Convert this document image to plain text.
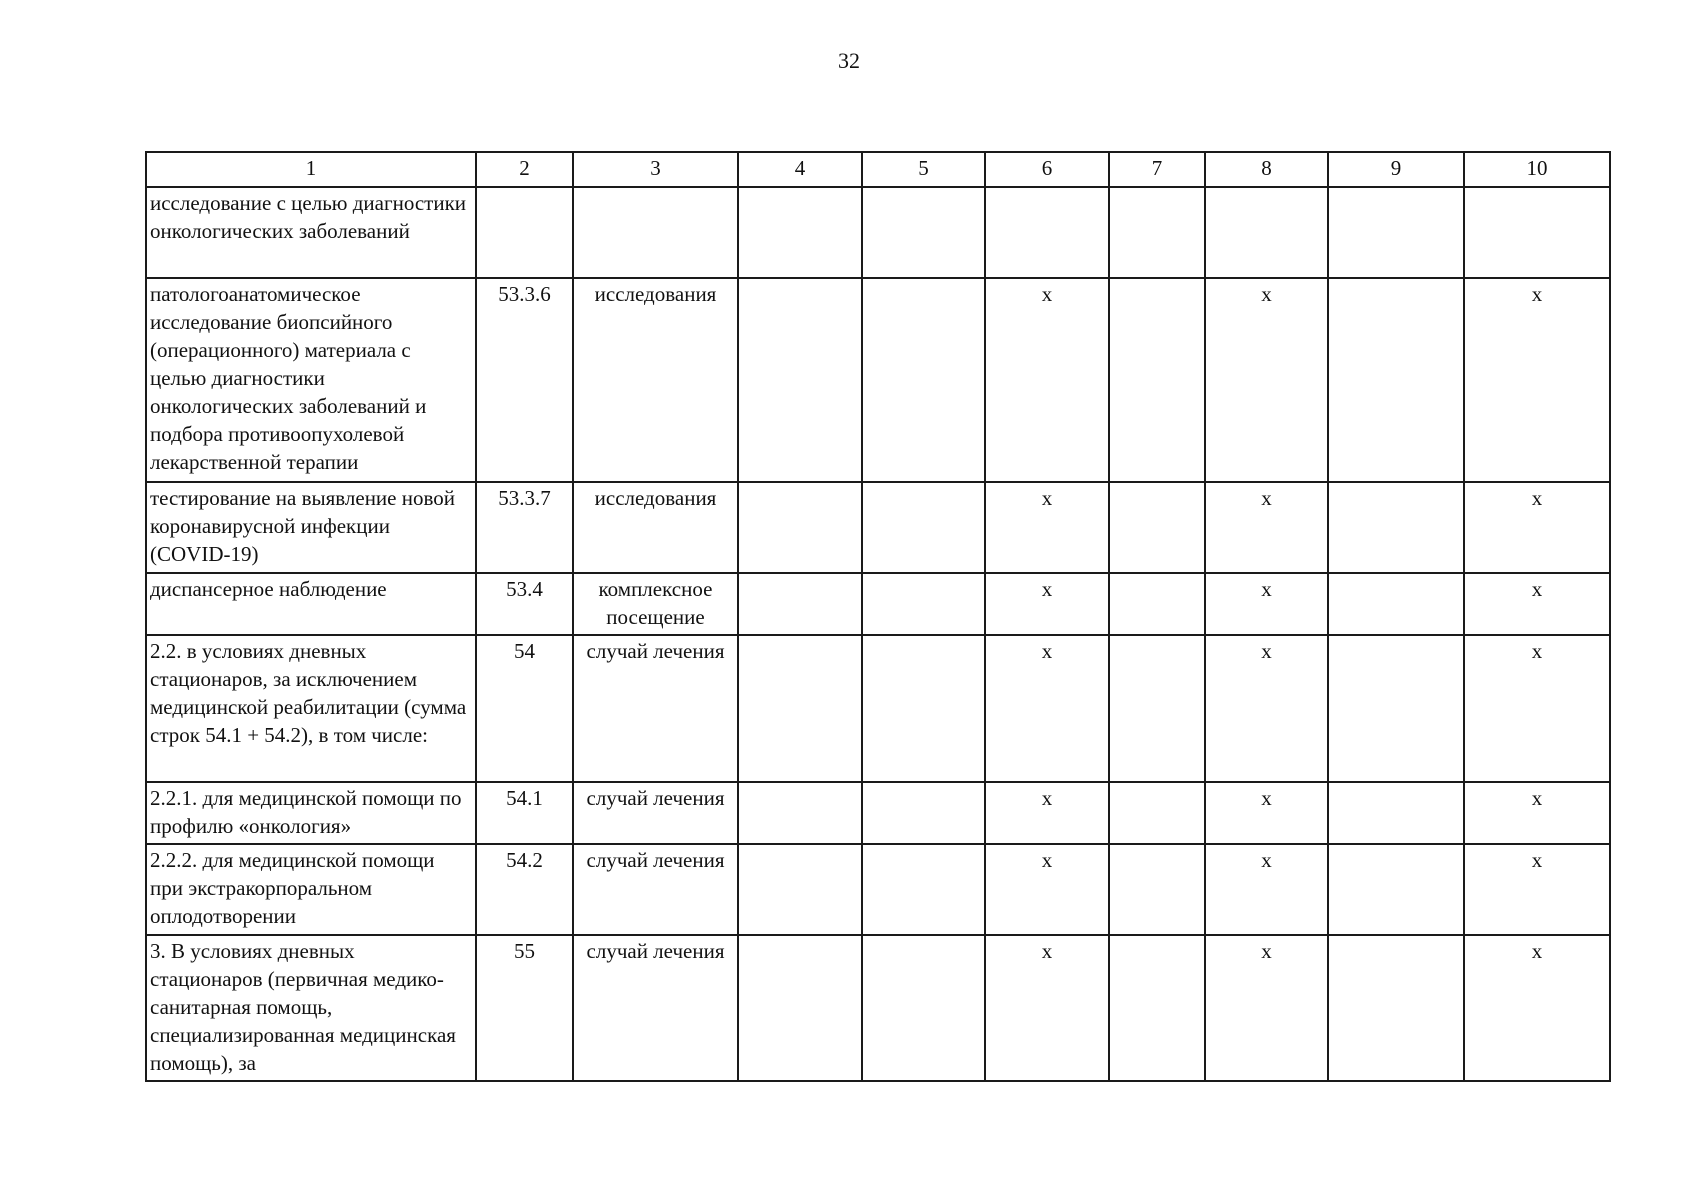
32
1	2	3	4	5	6	7	8	9	10
исследование с целью диагностики онкологических заболеваний									
патологоанатомическое исследование биопсийного (операционного) материала с целью диагностики онкологических заболеваний и подбора противоопухолевой лекарственной терапии	53.3.6	исследования			х		х		х
тестирование на выявление новой коронавирусной инфекции (COVID-19)	53.3.7	исследования			х		х		х
диспансерное наблюдение	53.4	комплексное посещение			х		х		х
2.2. в условиях дневных стационаров, за исключением медицинской реабилитации (сумма строк 54.1 + 54.2), в том числе:	54	случай лечения			х		х		х
2.2.1. для медицинской помощи по профилю «онкология»	54.1	случай лечения			х		х		х
2.2.2. для медицинской помощи при экстракорпоральном оплодотворении	54.2	случай лечения			х		х		х
3. В условиях дневных стационаров (первичная медико-санитарная помощь, специализированная медицинская помощь), за	55	случай лечения			х		х		х
